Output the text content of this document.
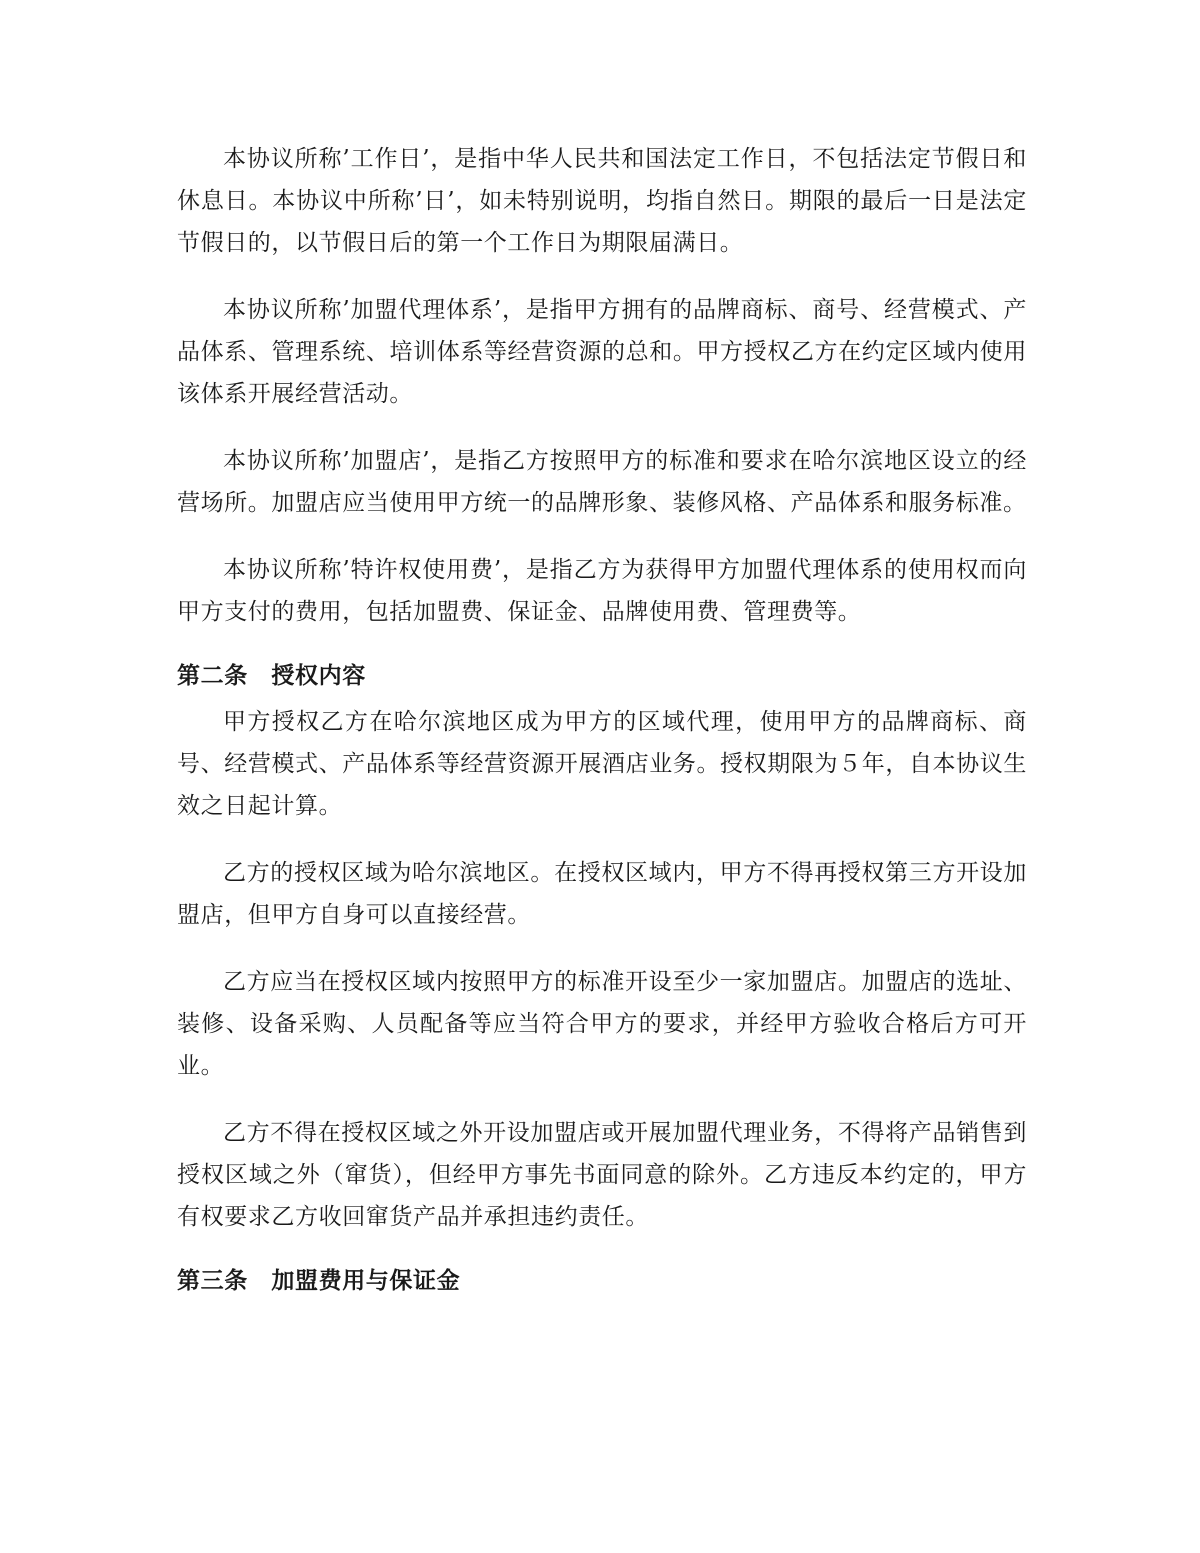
本协议所称’工作日’，是指中华人民共和国法定工作日，不包括法定节假日和休息日。本协议中所称’日’，如未特别说明，均指自然日。期限的最后一日是法定节假日的，以节假日后的第一个工作日为期限届满日。

本协议所称’加盟代理体系’，是指甲方拥有的品牌商标、商号、经营模式、产品体系、管理系统、培训体系等经营资源的总和。甲方授权乙方在约定区域内使用该体系开展经营活动。

本协议所称’加盟店’，是指乙方按照甲方的标准和要求在哈尔滨地区设立的经营场所。加盟店应当使用甲方统一的品牌形象、装修风格、产品体系和服务标准。

本协议所称’特许权使用费’，是指乙方为获得甲方加盟代理体系的使用权而向甲方支付的费用，包括加盟费、保证金、品牌使用费、管理费等。

第二条　授权内容

甲方授权乙方在哈尔滨地区成为甲方的区域代理，使用甲方的品牌商标、商号、经营模式、产品体系等经营资源开展酒店业务。授权期限为５年，自本协议生效之日起计算。

乙方的授权区域为哈尔滨地区。在授权区域内，甲方不得再授权第三方开设加盟店，但甲方自身可以直接经营。

乙方应当在授权区域内按照甲方的标准开设至少一家加盟店。加盟店的选址、装修、设备采购、人员配备等应当符合甲方的要求，并经甲方验收合格后方可开业。

乙方不得在授权区域之外开设加盟店或开展加盟代理业务，不得将产品销售到授权区域之外（窜货），但经甲方事先书面同意的除外。乙方违反本约定的，甲方有权要求乙方收回窜货产品并承担违约责任。

第三条　加盟费用与保证金
